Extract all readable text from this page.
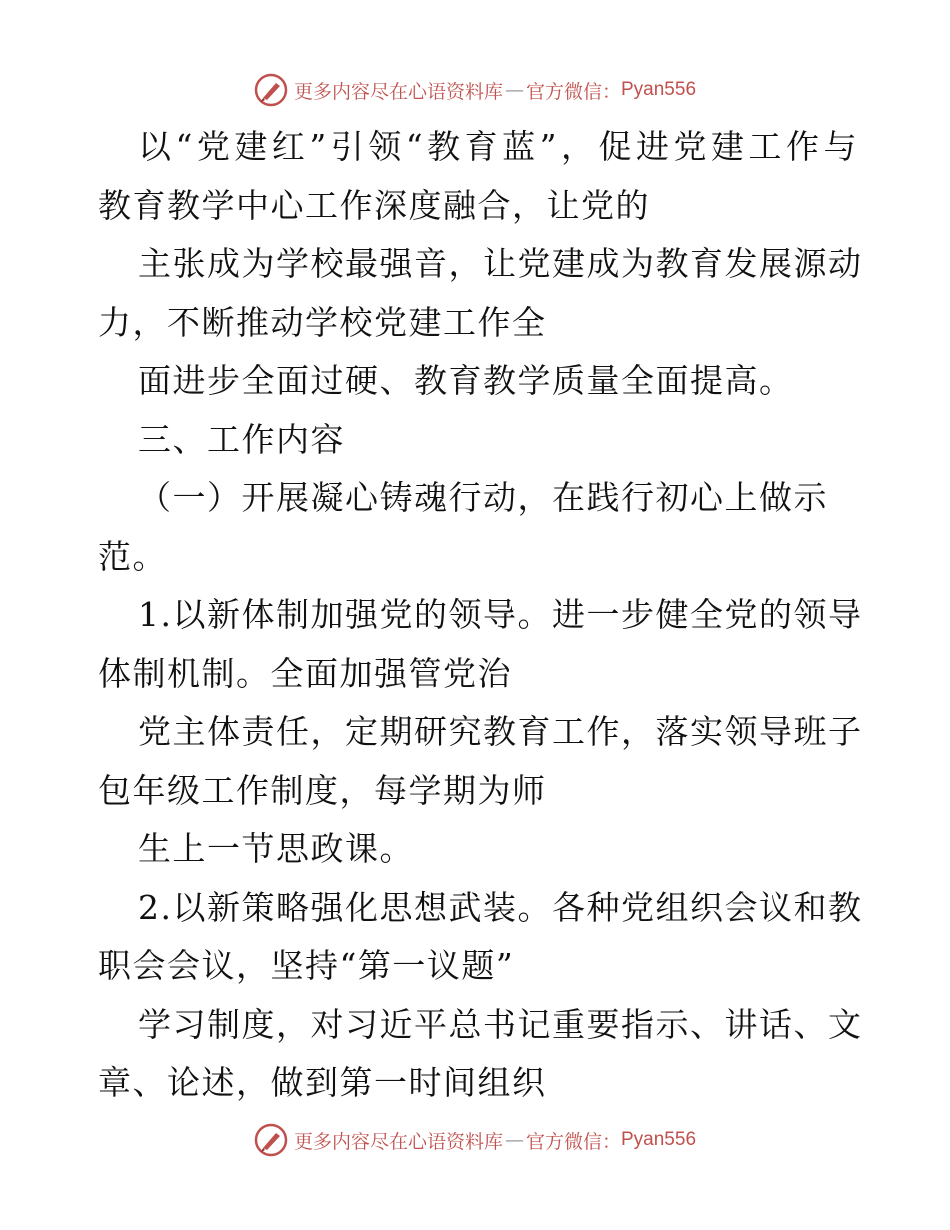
更多内容尽在心语资料库 — 官方微信： Pyan556
以“党建红”引领“教育蓝”，促进党建工作与
教育教学中心工作深度融合，让党的
主张成为学校最强音，让党建成为教育发展源动
力，不断推动学校党建工作全
面进步全面过硬、教育教学质量全面提高。
三、工作内容
（一）开展凝心铸魂行动，在践行初心上做示
范。
1.以新体制加强党的领导。进一步健全党的领导
体制机制。全面加强管党治
党主体责任，定期研究教育工作，落实领导班子
包年级工作制度，每学期为师
生上一节思政课。
2.以新策略强化思想武装。各种党组织会议和教
职会会议，坚持“第一议题”
学习制度，对习近平总书记重要指示、讲话、文
章、论述，做到第一时间组织
更多内容尽在心语资料库 — 官方微信： Pyan556
